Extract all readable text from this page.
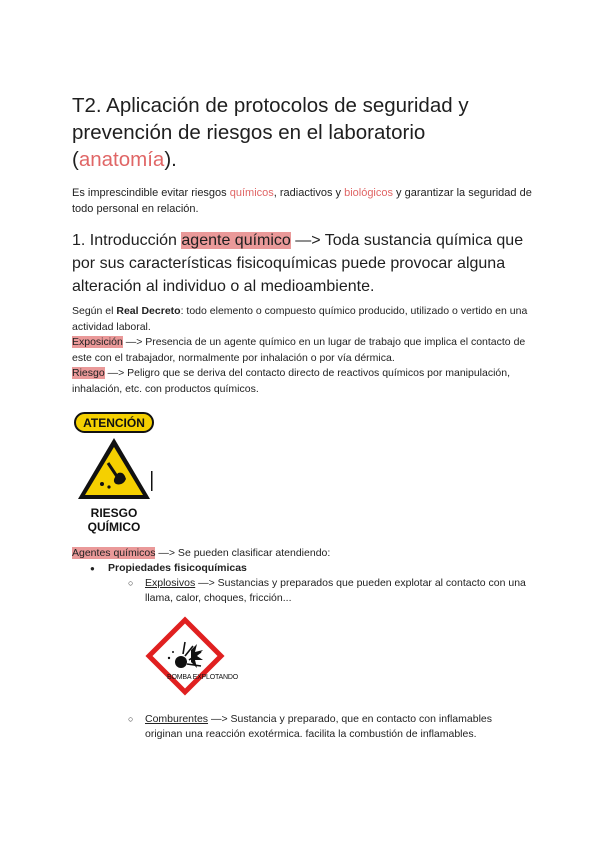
T2. Aplicación de protocolos de seguridad y
prevención de riesgos en el laboratorio
(anatomía).

Es imprescindible evitar riesgos químicos, radiactivos y biológicos y garantizar la seguridad de todo personal en relación.

1. Introducción agente químico —> Toda sustancia química que por sus características fisicoquímicas puede provocar alguna alteración al individuo o al medioambiente.

Según el Real Decreto: todo elemento o compuesto químico producido, utilizado o vertido en una actividad laboral.

Exposición —> Presencia de un agente químico en un lugar de trabajo que implica el contacto de este con el trabajador, normalmente por inhalación o por vía dérmica.

Riesgo —> Peligro que se deriva del contacto directo de reactivos químicos por manipulación, inhalación, etc. con productos químicos.

ATENCIÓN
RIESGO
QUÍMICO

Agentes químicos —> Se pueden clasificar atendiendo:

● Propiedades fisicoquímicas
○ Explosivos —> Sustancias y preparados que pueden explotar al contacto con una llama, calor, choques, fricción...
BOMBA EXPLOTANDO
○ Comburentes —> Sustancia y preparado, que en contacto con inflamables originan una reacción exotérmica. facilita la combustión de inflamables.
